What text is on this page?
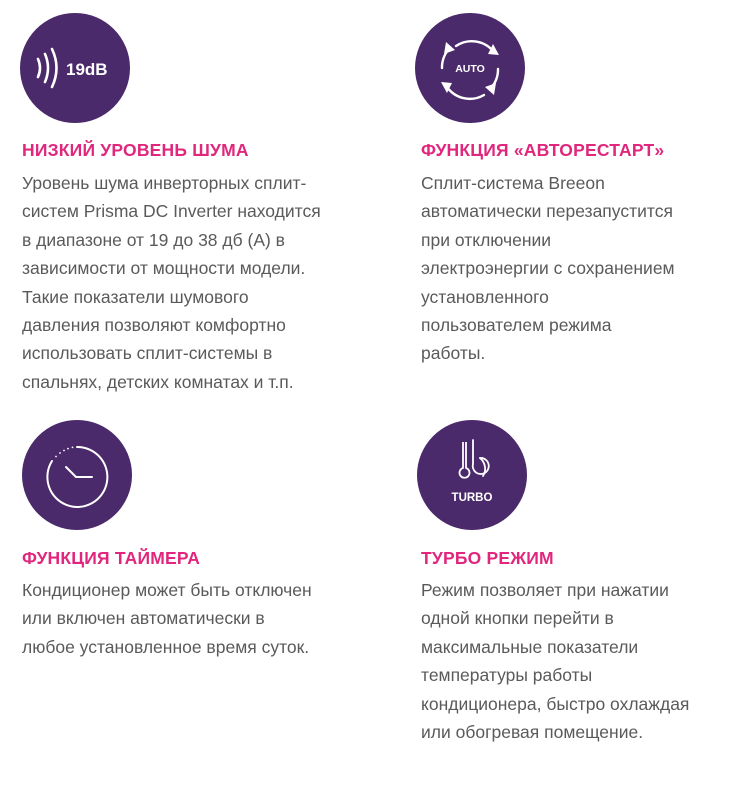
19dB
НИЗКИЙ УРОВЕНЬ ШУМА
Уровень шума инверторных сплит-
систем Prisma DC Inverter находится
в диапазоне от 19 до 38 дб (А) в
зависимости от мощности модели.
Такие показатели шумового
давления позволяют комфортно
использовать сплит-системы в
спальнях, детских комнатах и т.п.
AUTO
ФУНКЦИЯ «АВТОРЕСТАРТ»
Сплит-система Breeon
автоматически перезапустится
при отключении
электроэнергии с сохранением
установленного
пользователем режима
работы.
ФУНКЦИЯ ТАЙМЕРА
Кондиционер может быть отключен
или включен автоматически в
любое установленное время суток.
TURBO
ТУРБО РЕЖИМ
Режим позволяет при нажатии
одной кнопки перейти в
максимальные показатели
температуры работы
кондиционера, быстро охлаждая
или обогревая помещение.
